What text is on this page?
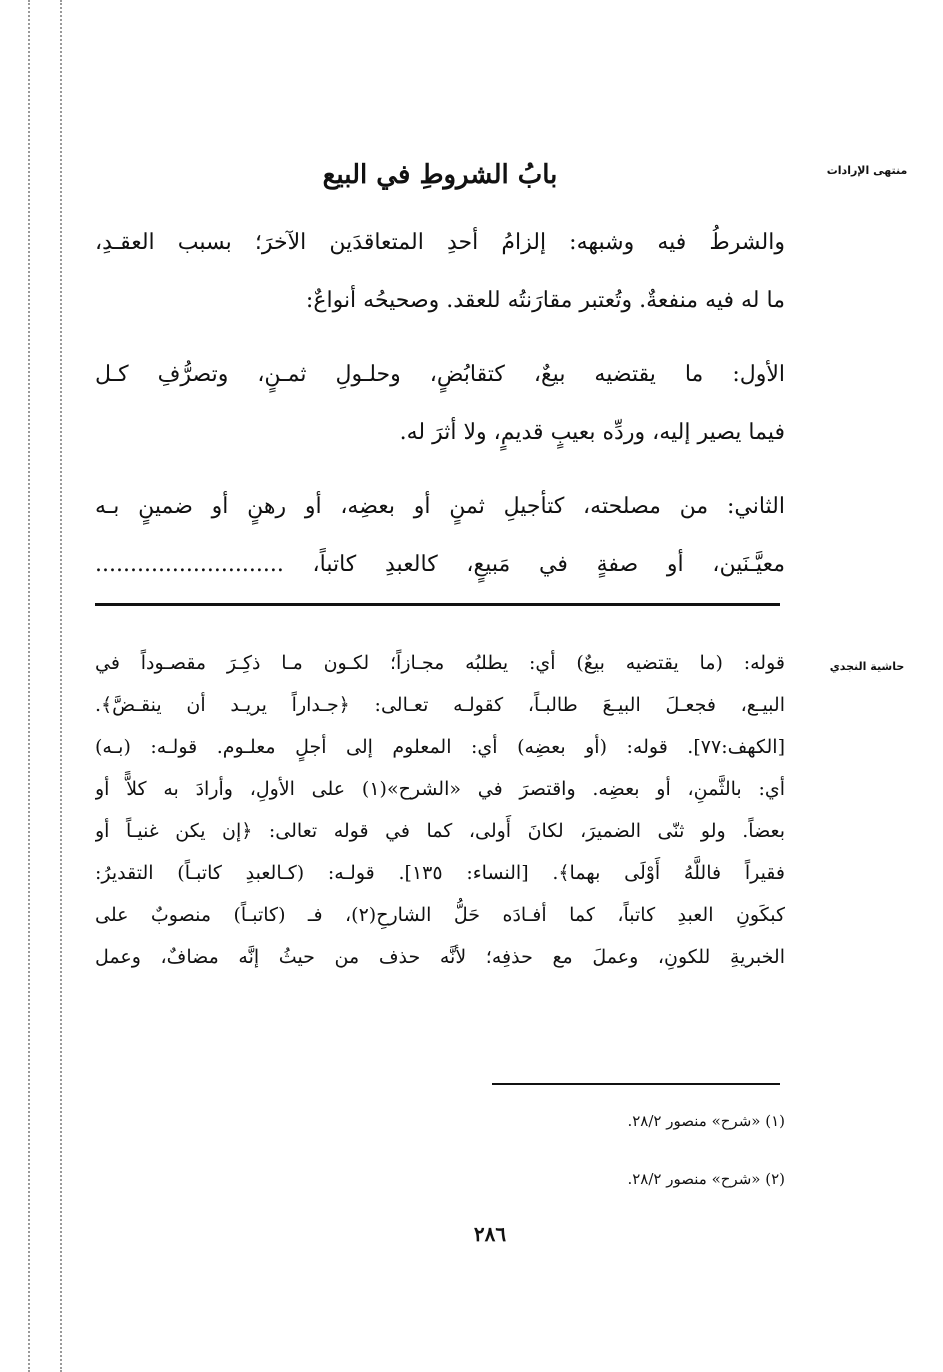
منتهى الإرادات
حاشية النجدي
بابُ الشروطِ في البيع
والشرطُ فيه وشبهه: إلزامُ أحدِ المتعاقدَين الآخرَ؛ بسبب العقـدِ،
ما له فيه منفعةٌ. وتُعتبر مقارَنتُه للعقد. وصحيحُه أنواعٌ:
الأول: ما يقتضيه بيعٌ، كتقابُضٍ، وحلـولِ ثمـنٍ، وتصرُّفِ كـل
فيما يصير إليه، وردِّه بعيبٍ قديمٍ، ولا أثرَ له.
الثاني: من مصلحته، كتأجيلِ ثمنٍ أو بعضِه، أو رهنٍ أو ضمينٍ بـه
معيَّـنَين، أو صفةٍ في مَبيعٍ، كالعبدِ كاتباً، ...........................
قوله: (ما يقتضيه بيعٌ) أي: يطلبُه مجـازاً؛ لكـون مـا ذكِـرَ مقصـوداً في
البيـع، فجعـلَ البيـعَ طالبـاً، كقولـه تعـالى: ﴿جـداراً يريـد أن ينقـضَّ﴾.
[الكهف:٧٧]. قوله: (أو بعضِه) أي: المعلوم إلى أجلٍ معلـوم. قولـه: (بـه)
أي: بالثَّمنِ، أو بعضِه. واقتصرَ في «الشرح»(١) على الأولِ، وأرادَ به كلاًّ أو
بعضاً. ولو ثنّى الضميرَ، لكانَ أَولى، كما في قوله تعالى: ﴿إن يكن غنيـاً أو
فقيراً فاللَّهُ أَوْلَى بهما﴾. [النساء: ١٣٥]. قولـه: (كـالعبدِ كاتبـاً) التقديرُ:
كبكَونِ العبدِ كاتباً، كما أفـادَه حَلُّ الشارحِ(٢)، فـ (كاتبـاً) منصوبٌ على
الخبريةِ للكونِ، وعملَ مع حذفِه؛ لأنَّه حذف من حيثُ إنَّه مضافٌ، وعمل
(١) «شرح» منصور ٢٨/٢.
(٢) «شرح» منصور ٢٨/٢.
٢٨٦
